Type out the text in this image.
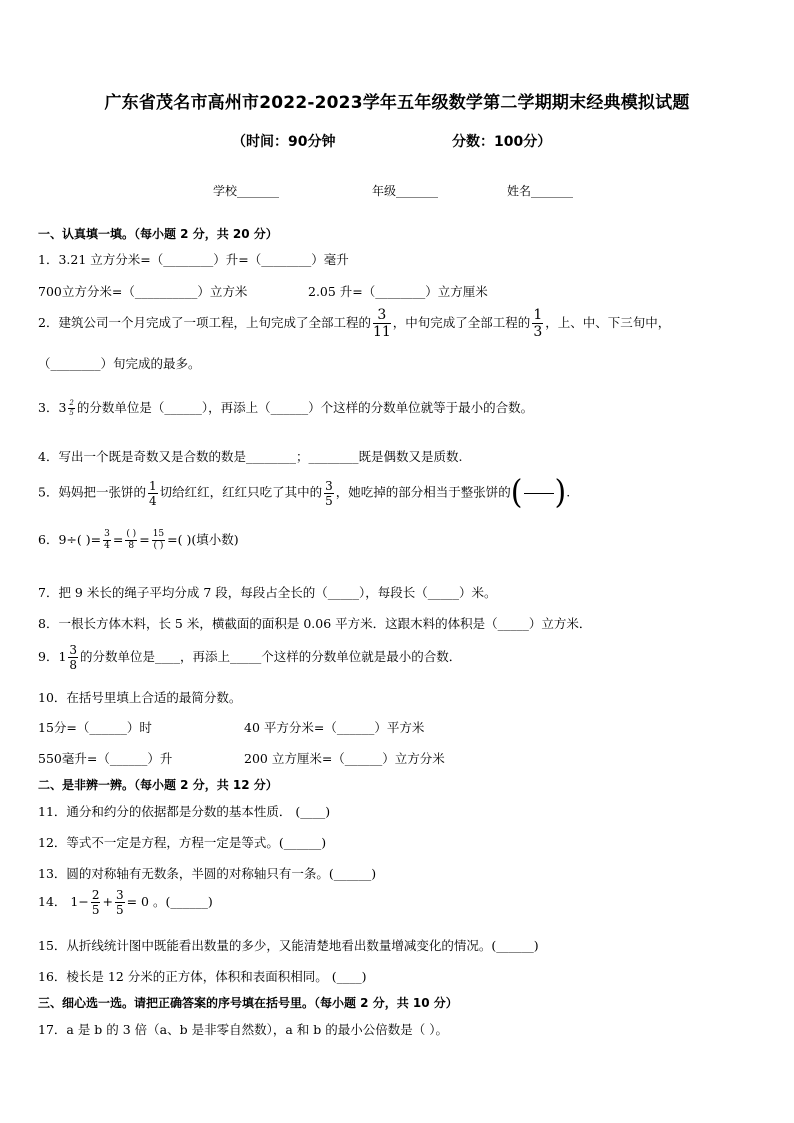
广东省茂名市高州市2022-2023学年五年级数学第二学期期末经典模拟试题
（时间：90分钟	分数：100分）
学校_______	年级_______	姓名_______
一、认真填一填。（每小题 2 分，共 20 分）
1．3.21 立方分米=（________）升=（________）毫升
700立方分米=（__________）立方米	2.05 升=（________）立方厘米
2．建筑公司一个月完成了一项工程，上旬完成了全部工程的 $\frac{3}{11}$ ，中旬完成了全部工程的 $\frac{1}{3}$ ，上、中、下三旬中，
（________）旬完成的最多。
3．$3 \frac{2}{5}$ 的分数单位是（______），再添上（______）个这样的分数单位就等于最小的合数。
4．写出一个既是奇数又是合数的数是________；________既是偶数又是质数.
5．妈妈把一张饼的 $\frac{1}{4}$ 切给红红，红红只吃了其中的 $\frac{3}{5}$ ，她吃掉的部分相当于整张饼的( ).
6．9÷( )= $\frac{3}{4} = \frac{( )}{8} = \frac{15}{( )}$ =( )(填小数)
7．把 9 米长的绳子平均分成 7 段，每段占全长的（_____），每段长（_____）米。
8．一根长方体木料，长 5 米，横截面的面积是 0.06 平方米．这跟木料的体积是（_____）立方米．
9．$1 \frac{3}{8}$ 的分数单位是____，再添上_____个这样的分数单位就是最小的合数．
10．在括号里填上合适的最简分数。
15分=（______）时	40 平方分米=（______）平方米
550毫升=（______）升	200 立方厘米=（______）立方分米
二、是非辨一辨。（每小题 2 分，共 12 分）
11．通分和约分的依据都是分数的基本性质． (____)
12．等式不一定是方程，方程一定是等式。(______)
13．圆的对称轴有无数条，半圆的对称轴只有一条。(______)
14． $1- \frac{2}{5} + \frac{3}{5} = 0$ 。(______)
15．从折线统计图中既能看出数量的多少，又能清楚地看出数量增减变化的情况。(______)
16．棱长是 12 分米的正方体，体积和表面积相同。 (____)
三、细心选一选。请把正确答案的序号填在括号里。（每小题 2 分，共 10 分）
17．a 是 b 的 3 倍（a、b 是非零自然数），a 和 b 的最小公倍数是（ ）。
